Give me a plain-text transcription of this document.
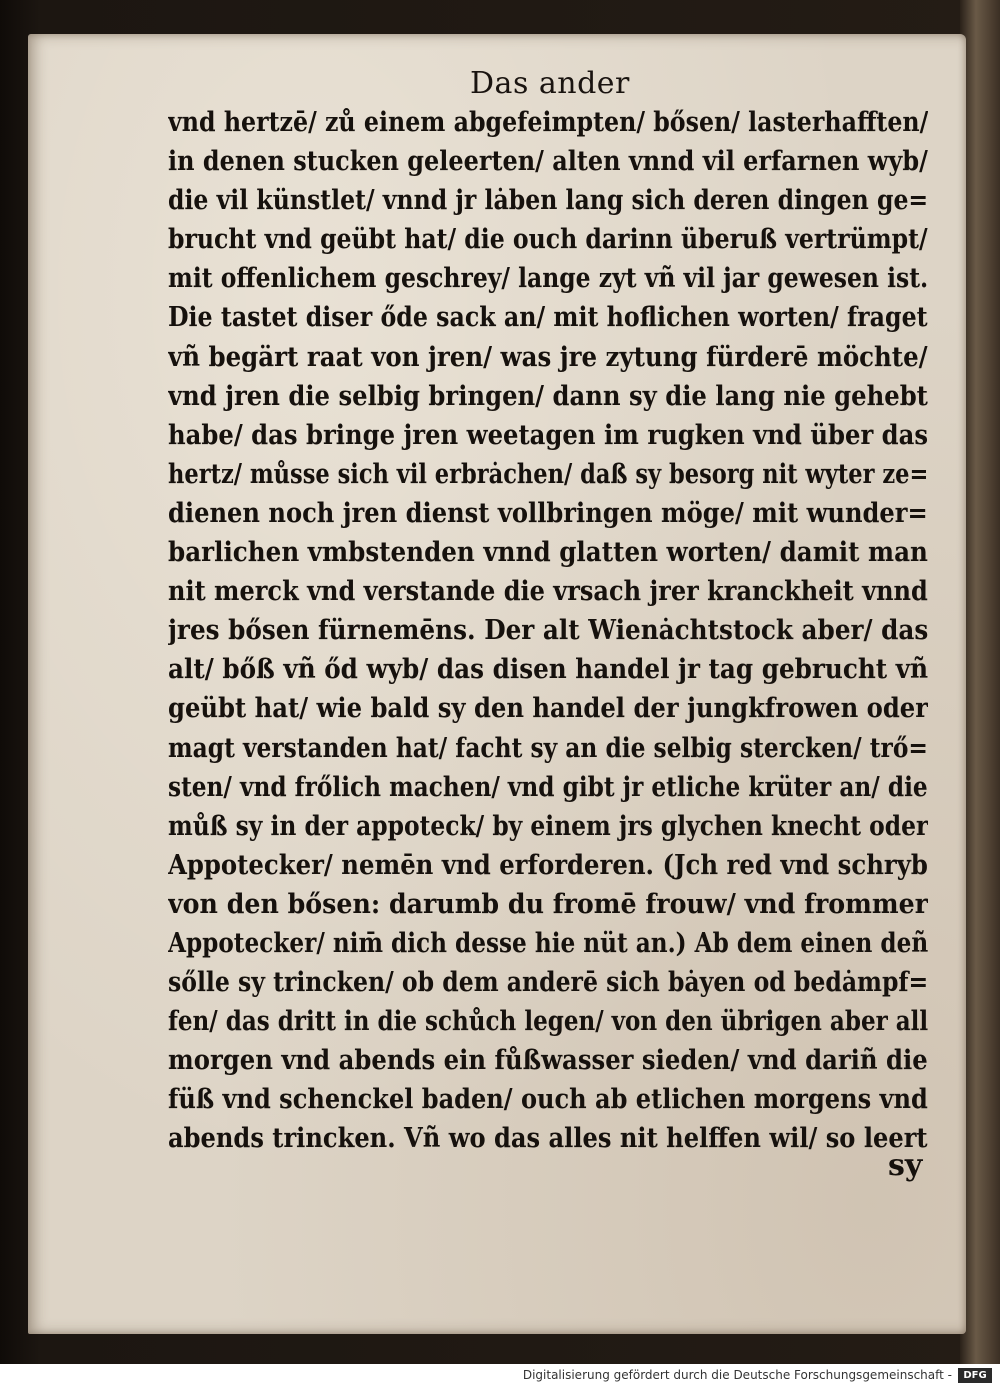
Das ander
vnd hertzē/ zů einem abgefeimpten/ bősen/ lasterhafften/
in denen stucken geleerten/ alten vnnd vil erfarnen wyb/
die vil künstlet/ vnnd jr lȧben lang sich deren dingen ge=
brucht vnd geübt hat/ die ouch darinn überuß vertrümpt/
mit offenlichem geschrey/ lange zyt vñ vil jar gewesen ist.
Die tastet diser őde sack an/ mit hoflichen worten/ fraget
vñ begärt raat von jren/ was jre zytung fürderē möchte/
vnd jren die selbig bringen/ dann sy die lang nie gehebt
habe/ das bringe jren weetagen im rugken vnd über das
hertz/ můsse sich vil erbrȧchen/ daß sy besorg nit wyter ze=
dienen noch jren dienst vollbringen möge/ mit wunder=
barlichen vmbstenden vnnd glatten worten/ damit man
nit merck vnd verstande die vrsach jrer kranckheit vnnd
jres bősen fürnemēns. Der alt Wienȧchtstock aber/ das
alt/ bőß vñ őd wyb/ das disen handel jr tag gebrucht vñ
geübt hat/ wie bald sy den handel der jungkfrowen oder
magt verstanden hat/ facht sy an die selbig stercken/ trő=
sten/ vnd frőlich machen/ vnd gibt jr etliche krüter an/ die
můß sy in der appoteck/ by einem jrs glychen knecht oder
Appotecker/ nemēn vnd erforderen. (Jch red vnd schryb
von den bősen: darumb du fromē frouw/ vnd frommer
Appotecker/ nim̄ dich desse hie nüt an.) Ab dem einen deñ
sőlle sy trincken/ ob dem anderē sich bȧyen od bedȧmpf=
fen/ das dritt in die schůch legen/ von den übrigen aber all
morgen vnd abends ein fůßwasser sieden/ vnd dariñ die
füß vnd schenckel baden/ ouch ab etlichen morgens vnd
abends trincken. Vñ wo das alles nit helffen wil/ so leert
sy
Digitalisierung gefördert durch die Deutsche Forschungsgemeinschaft -	DFG
